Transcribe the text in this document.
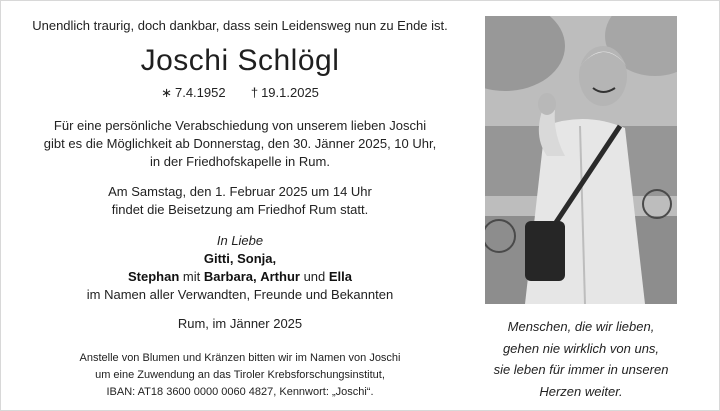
Unendlich traurig, doch dankbar, dass sein Leidensweg nun zu Ende ist.
Joschi Schlögl
∗ 7.4.1952 † 19.1.2025
Für eine persönliche Verabschiedung von unserem lieben Joschi
gibt es die Möglichkeit ab Donnerstag, den 30. Jänner 2025, 10 Uhr,
in der Friedhofskapelle in Rum.
Am Samstag, den 1. Februar 2025 um 14 Uhr
findet die Beisetzung am Friedhof Rum statt.
In Liebe
Gitti, Sonja,
Stephan mit Barbara, Arthur und Ella
im Namen aller Verwandten, Freunde und Bekannten
Rum, im Jänner 2025
Anstelle von Blumen und Kränzen bitten wir im Namen von Joschi
um eine Zuwendung an das Tiroler Krebsforschungsinstitut,
IBAN: AT18 3600 0000 0060 4827, Kennwort: „Joschi“.
Menschen, die wir lieben,
gehen nie wirklich von uns,
sie leben für immer in unseren
Herzen weiter.
